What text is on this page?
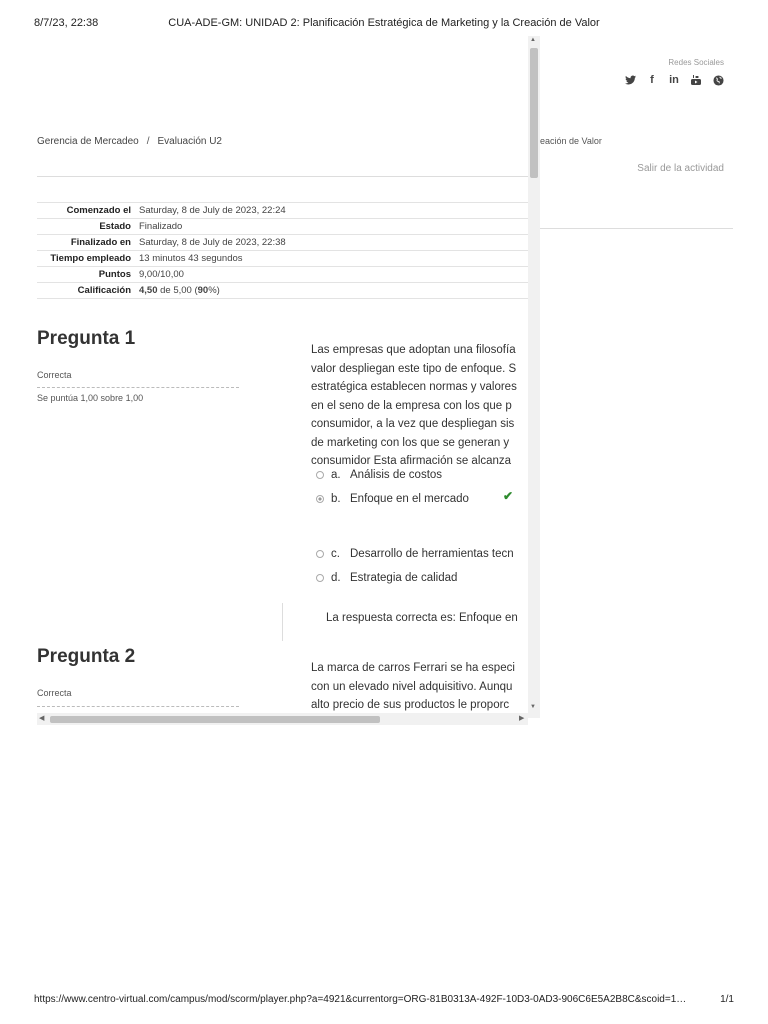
8/7/23, 22:38	CUA-ADE-GM: UNIDAD 2: Planificación Estratégica de Marketing y la Creación de Valor
https://www.centro-virtual.com/campus/mod/scorm/player.php?a=4921&currentorg=ORG-81B0313A-492F-10D3-0AD3-906C6E5A2B8C&scoid=1…	1/1
Redes Sociales
f	in
Gerencia de Mercadeo / Evaluación U2	eación de Valor
Salir de la actividad
Comenzado el	Saturday, 8 de July de 2023, 22:24
Estado	Finalizado
Finalizado en	Saturday, 8 de July de 2023, 22:38
Tiempo empleado	13 minutos 43 segundos
Puntos	9,00/10,00
Calificación	4,50 de 5,00 (90%)
Pregunta 1
Correcta
Se puntúa 1,00 sobre 1,00
Las empresas que adoptan una filosofía
valor despliegan este tipo de enfoque. S
estratégica establecen normas y valores
en el seno de la empresa con los que p
consumidor, a la vez que despliegan sis
de marketing con los que se generan y
consumidor Esta afirmación se alcanza
a. Análisis de costos
b. Enfoque en el mercado	✔
c. Desarrollo de herramientas tecn
d. Estrategia de calidad
La respuesta correcta es: Enfoque en
Pregunta 2
Correcta
La marca de carros Ferrari se ha especi
con un elevado nivel adquisitivo. Aunqu
alto precio de sus productos le proporc
▲
▼
◀	▶
